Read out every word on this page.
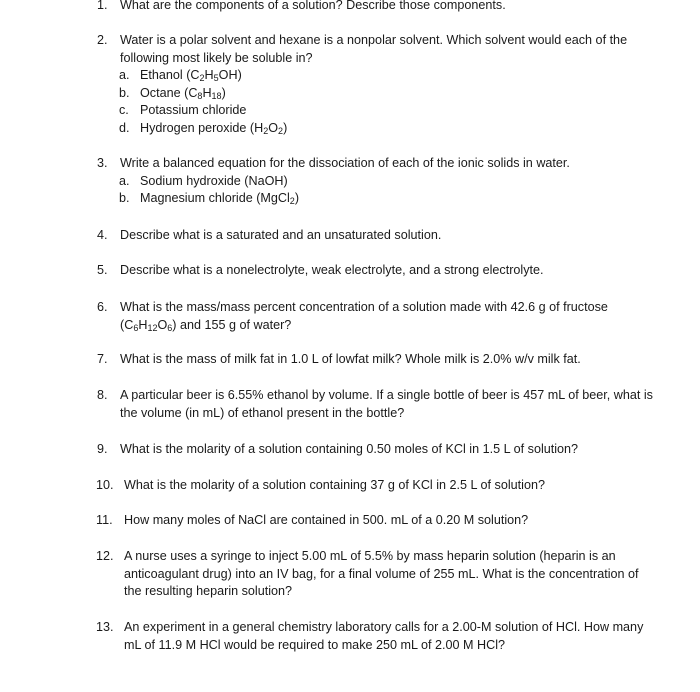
1. What are the components of a solution? Describe those components.
2. Water is a polar solvent and hexane is a nonpolar solvent. Which solvent would each of the following most likely be soluble in?
a. Ethanol $(C_2H_5OH)$
b. Octane $(C_8H_{18})$
c. Potassium chloride
d. Hydrogen peroxide $(H_2O_2)$
3. Write a balanced equation for the dissociation of each of the ionic solids in water.
a. Sodium hydroxide (NaOH)
b. Magnesium chloride (MgCl$_2$)
4. Describe what is a saturated and an unsaturated solution.
5. Describe what is a nonelectrolyte, weak electrolyte, and a strong electrolyte.
6. What is the mass/mass percent concentration of a solution made with 42.6 g of fructose
$(C_6H_{12}O_6)$ and 155 g of water?
7. What is the mass of milk fat in 1.0 L of lowfat milk? Whole milk is 2.0% w/v milk fat.
8. A particular beer is 6.55% ethanol by volume. If a single bottle of beer is 457 mL of beer, what is the volume (in mL) of ethanol present in the bottle?
9. What is the molarity of a solution containing 0.50 moles of KCl in 1.5 L of solution?
10. What is the molarity of a solution containing 37 g of KCl in 2.5 L of solution?
11. How many moles of NaCl are contained in 500. mL of a 0.20 M solution?
12. A nurse uses a syringe to inject 5.00 mL of 5.5% by mass heparin solution (heparin is an anticoagulant drug) into an IV bag, for a final volume of 255 mL. What is the concentration of the resulting heparin solution?
13. An experiment in a general chemistry laboratory calls for a 2.00-M solution of HCl. How many mL of 11.9 M HCl would be required to make 250 mL of 2.00 M HCl?
